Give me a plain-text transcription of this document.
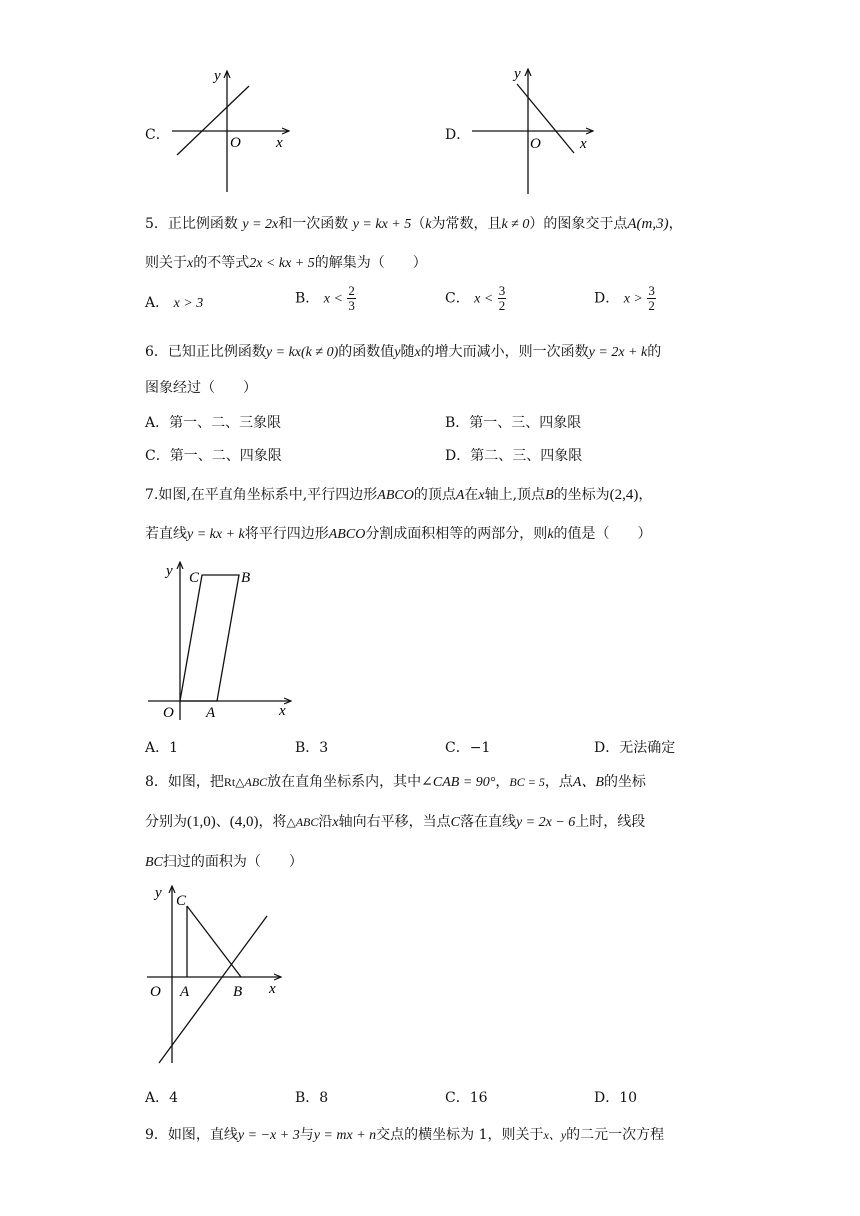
C．
y
O x
y
O	x
D．
5．正比例函数 y = 2x和一次函数 y = kx + 5（k为常数，且k ≠ 0）的图象交于点A(m,3)，
则关于x的不等式2x < kx + 5的解集为（　　）
A． x > 3	B． $x < \frac{2}{3}$	C． $x < \frac{3}{2}$	D． $x > \frac{3}{2}$
6．已知正比例函数y = kx(k ≠ 0)的函数值y随x的增大而减小，则一次函数y = 2x + k的
图象经过（　　）
A．第一、二、三象限	B．第一、三、四象限
C．第一、二、四象限	D．第二、三、四象限
7.如图,在平直角坐标系中,平行四边形ABCO的顶点A在x轴上,顶点B的坐标为(2,4)，
若直线y = kx + k将平行四边形ABCO分割成面积相等的两部分，则k的值是（　　）
y C	B
O A	x
A．1	B．3	C．−1	D．无法确定
8．如图，把Rt△ABC放在直角坐标系内，其中∠CAB = 90°，BC = 5，点A、B的坐标
分别为(1,0)、(4,0)，将△ABC沿x轴向右平移，当点C落在直线y = 2x − 6上时，线段
BC扫过的面积为（　　）
y C
O A	B x
A．4	B．8	C．16	D．10
9．如图，直线y = −x + 3与y = mx + n交点的横坐标为 1，则关于x、y的二元一次方程
